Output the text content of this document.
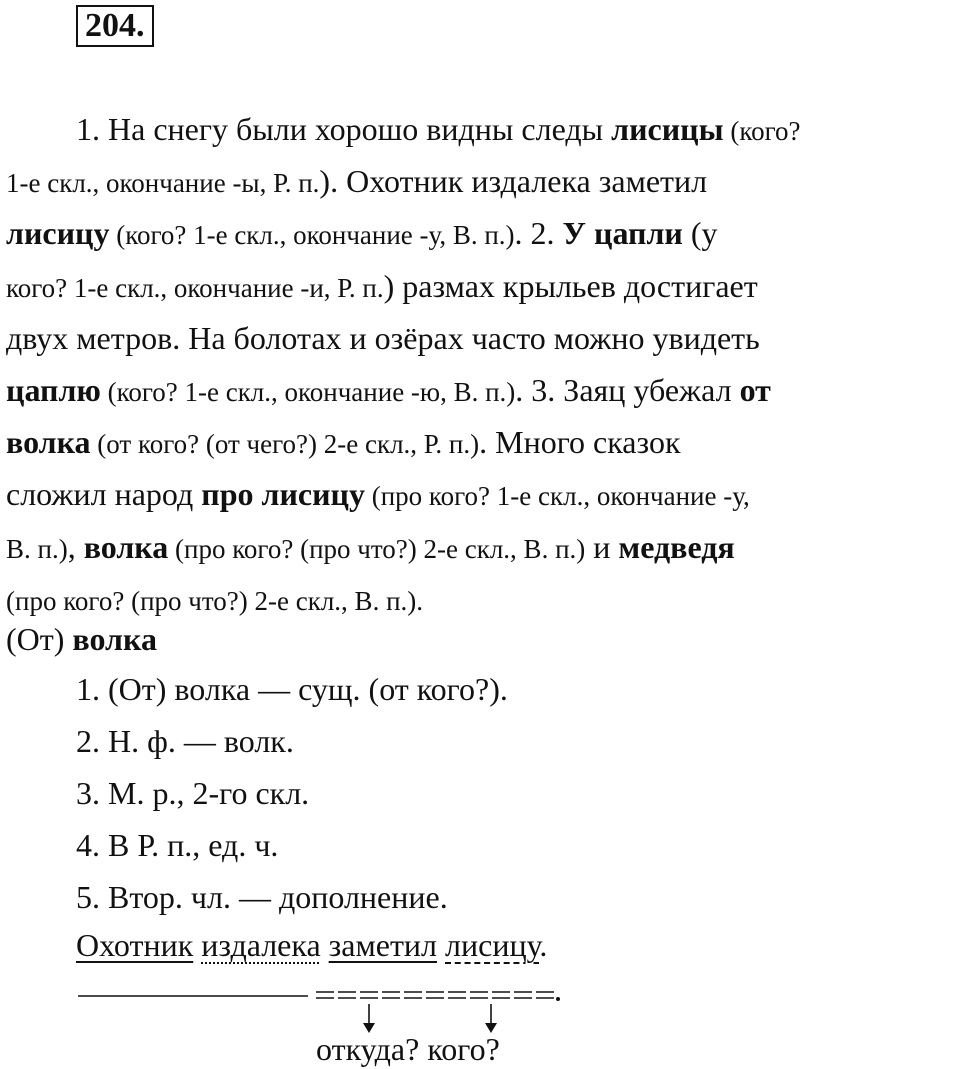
204.
1. На снегу были хорошо видны следы лисицы (кого?
1-е скл., окончание -ы, Р. п.). Охотник издалека заметил
лисицу (кого? 1-е скл., окончание -у, В. п.). 2. У цапли (у
кого? 1-е скл., окончание -и, Р. п.) размах крыльев достигает
двух метров. На болотах и озёрах часто можно увидеть
цаплю (кого? 1-е скл., окончание -ю, В. п.). 3. Заяц убежал от
волка (от кого? (от чего?) 2-е скл., Р. п.). Много сказок
сложил народ про лисицу (про кого? 1-е скл., окончание -у,
В. п.), волка (про кого? (про что?) 2-е скл., В. п.) и медведя
(про кого? (про что?) 2-е скл., В. п.).
(От) волка
1. (От) волка — сущ. (от кого?).
2. Н. ф. — волк.
3. М. р., 2-го скл.
4. В Р. п., ед. ч.
5. Втор. чл. — дополнение.
Охотник издалека заметил лисицу.
откуда? кого?
